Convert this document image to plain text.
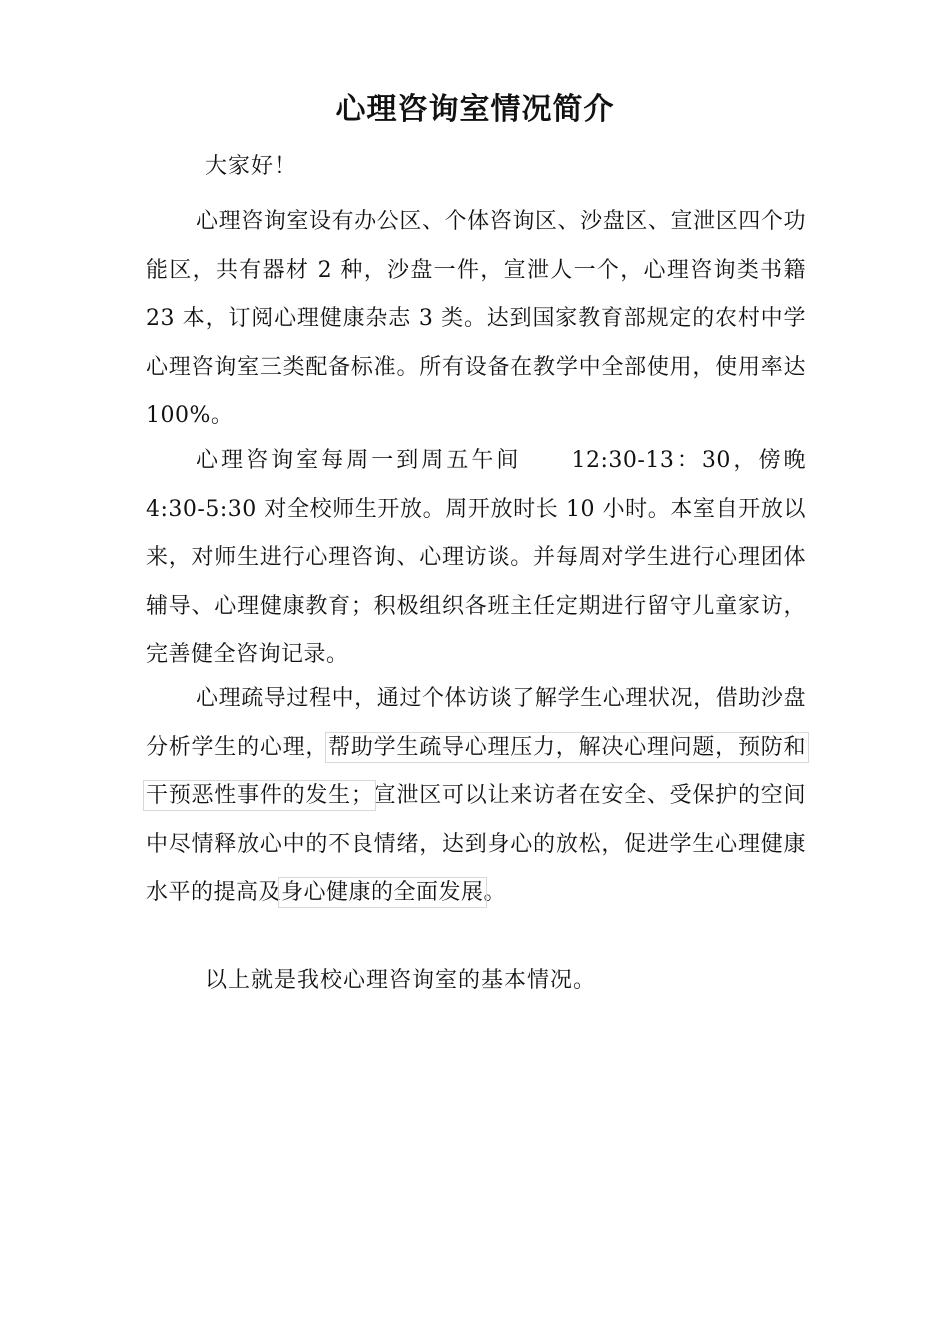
心理咨询室情况简介
大家好！

心理咨询室设有办公区、个体咨询区、沙盘区、宣泄区四个功能区，共有器材 2 种，沙盘一件，宣泄人一个，心理咨询类书籍 23 本，订阅心理健康杂志 3 类。达到国家教育部规定的农村中学心理咨询室三类配备标准。所有设备在教学中全部使用，使用率达 100%。

心理咨询室每周一到周五午间　　12:30-13：30，傍晚 4:30-5:30 对全校师生开放。周开放时长 10 小时。本室自开放以来，对师生进行心理咨询、心理访谈。并每周对学生进行心理团体辅导、心理健康教育；积极组织各班主任定期进行留守儿童家访，完善健全咨询记录。

心理疏导过程中，通过个体访谈了解学生心理状况，借助沙盘分析学生的心理，帮助学生疏导心理压力，解决心理问题，预防和干预恶性事件的发生；宣泄区可以让来访者在安全、受保护的空间中尽情释放心中的不良情绪，达到身心的放松，促进学生心理健康水平的提高及身心健康的全面发展。

以上就是我校心理咨询室的基本情况。
